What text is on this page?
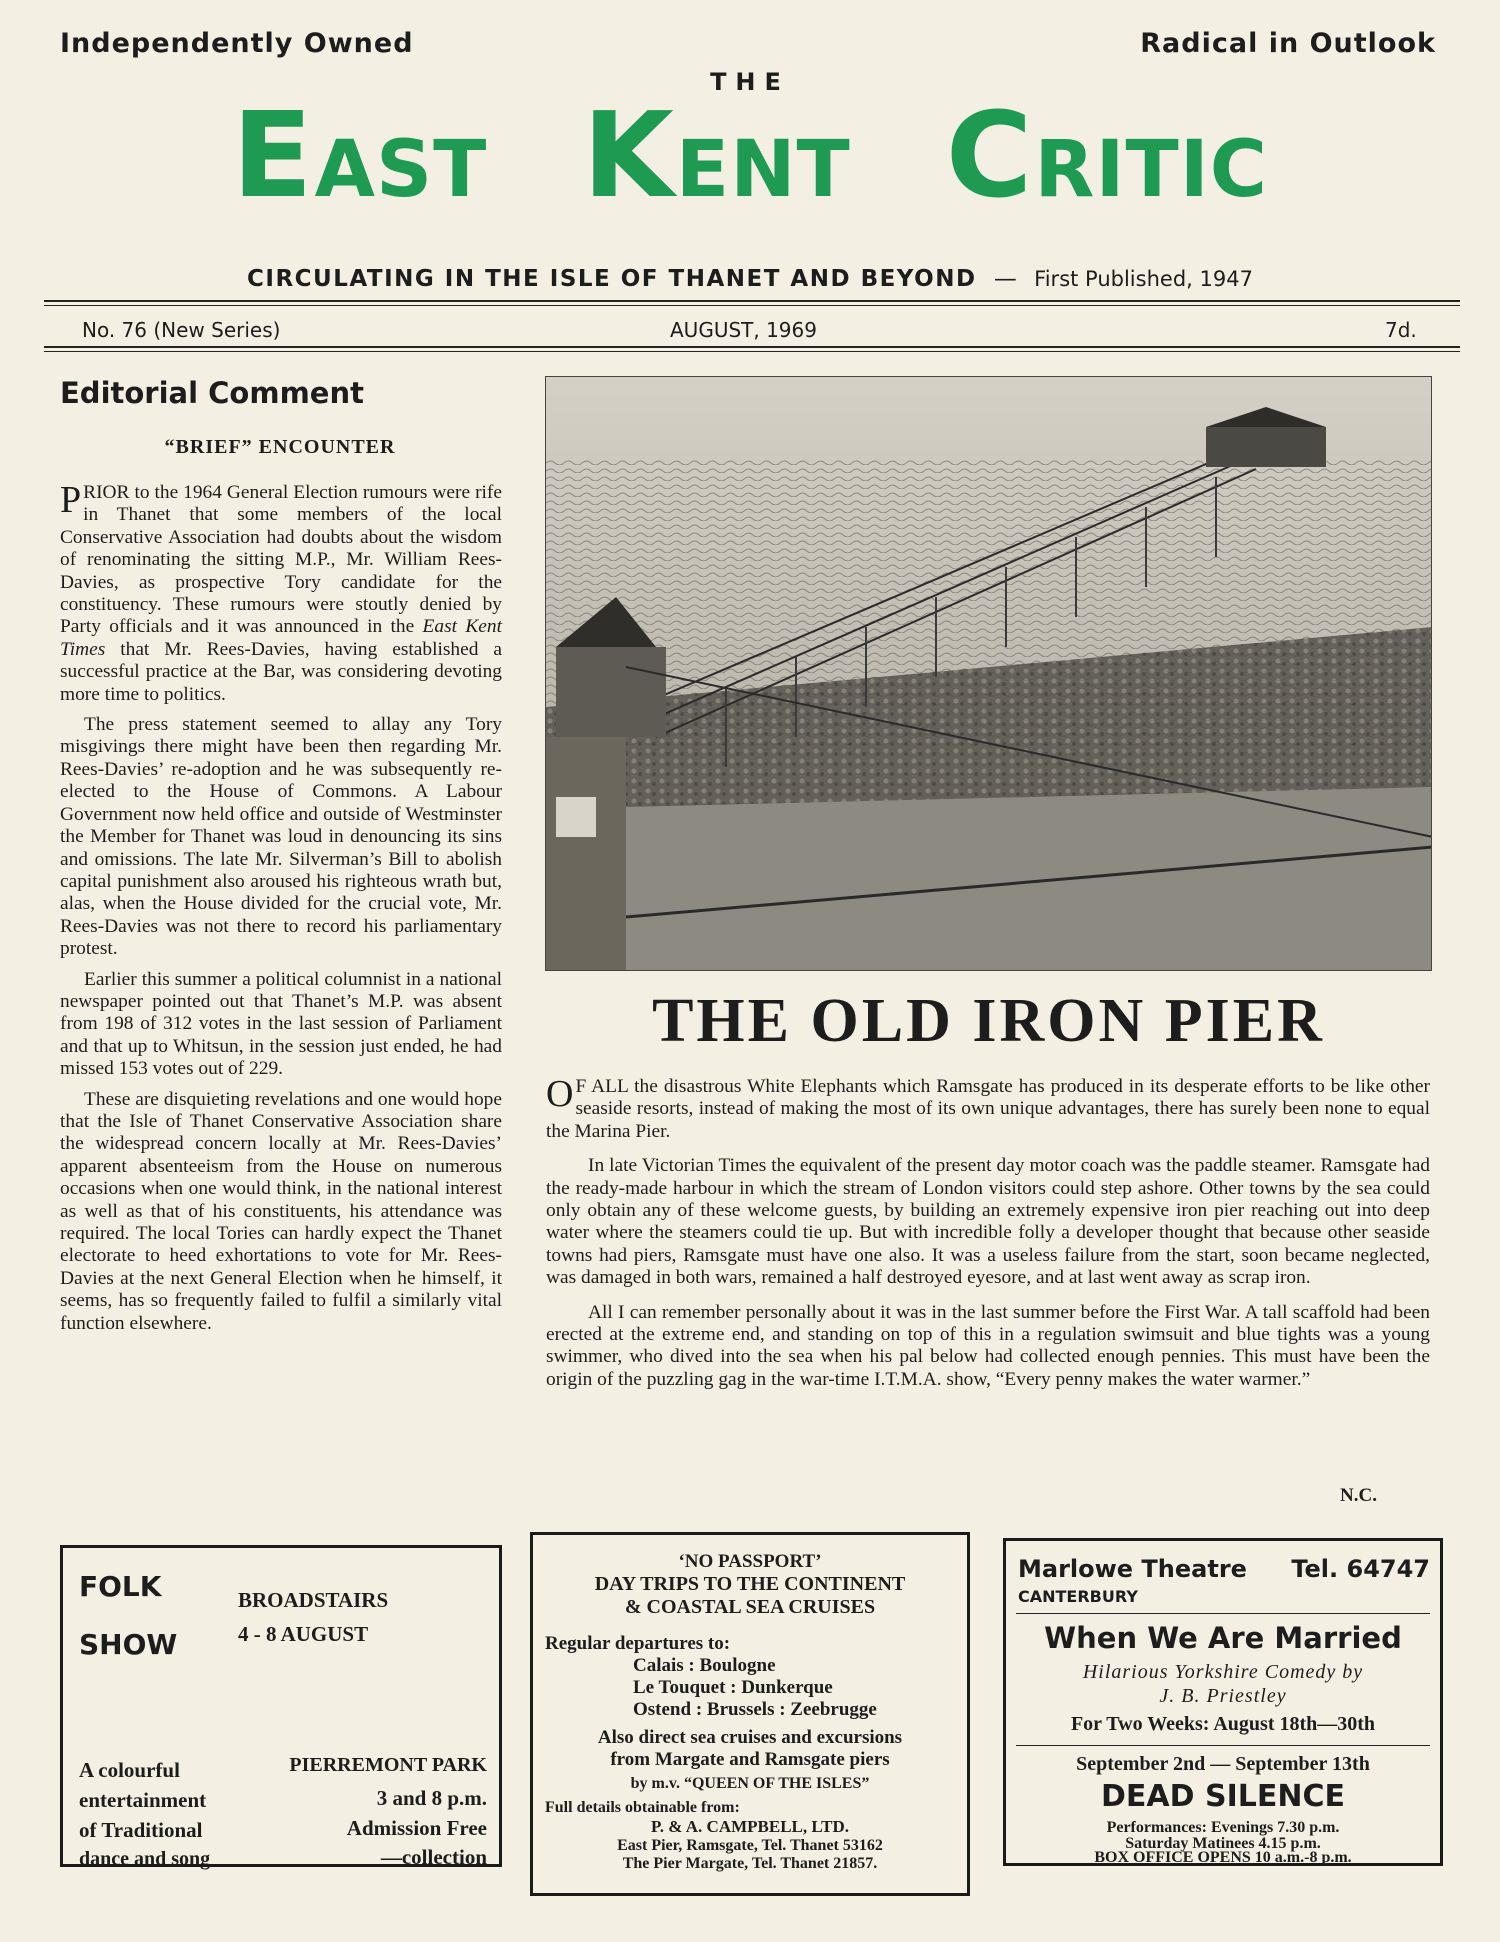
Independently Owned	Radical in Outlook
THE
EAST KENT CRITIC
CIRCULATING IN THE ISLE OF THANET AND BEYOND — First Published, 1947
No. 76 (New Series)	AUGUST, 1969	7d.
Editorial Comment
“BRIEF” ENCOUNTER

PRIOR to the 1964 General Election rumours were rife in Thanet that some members of the local Conservative Association had doubts about the wisdom of renominating the sitting M.P., Mr. William Rees-Davies, as prospective Tory candidate for the constituency. These rumours were stoutly denied by Party officials and it was announced in the East Kent Times that Mr. Rees-Davies, having established a successful practice at the Bar, was considering devoting more time to politics.

The press statement seemed to allay any Tory misgivings there might have been then regarding Mr. Rees-Davies’ re-adoption and he was subsequently re-elected to the House of Commons. A Labour Government now held office and outside of Westminster the Member for Thanet was loud in denouncing its sins and omissions. The late Mr. Silverman’s Bill to abolish capital punishment also aroused his righteous wrath but, alas, when the House divided for the crucial vote, Mr. Rees-Davies was not there to record his parliamentary protest.

Earlier this summer a political columnist in a national newspaper pointed out that Thanet’s M.P. was absent from 198 of 312 votes in the last session of Parliament and that up to Whitsun, in the session just ended, he had missed 153 votes out of 229.

These are disquieting revelations and one would hope that the Isle of Thanet Conservative Association share the widespread concern locally at Mr. Rees-Davies’ apparent absenteeism from the House on numerous occasions when one would think, in the national interest as well as that of his constituents, his attendance was required. The local Tories can hardly expect the Thanet electorate to heed exhortations to vote for Mr. Rees-Davies at the next General Election when he himself, it seems, has so frequently failed to fulfil a similarly vital function elsewhere.

THE OLD IRON PIER

O F ALL the disastrous White Elephants which Ramsgate has produced in its desperate efforts to be like other seaside resorts, instead of making the most of its own unique advantages, there has surely been none to equal the Marina Pier.

In late Victorian Times the equivalent of the present day motor coach was the paddle steamer. Ramsgate had the ready-made harbour in which the stream of London visitors could step ashore. Other towns by the sea could only obtain any of these welcome guests, by building an extremely expensive iron pier reaching out into deep water where the steamers could tie up. But with incredible folly a developer thought that because other seaside towns had piers, Ramsgate must have one also. It was a useless failure from the start, soon became neglected, was damaged in both wars, remained a half destroyed eyesore, and at last went away as scrap iron.

All I can remember personally about it was in the last summer before the First War. A tall scaffold had been erected at the extreme end, and standing on top of this in a regulation swimsuit and blue tights was a young swimmer, who dived into the sea when his pal below had collected enough pennies. This must have been the origin of the puzzling gag in the war-time I.T.M.A. show, “Every penny makes the water warmer.”

N.C.
FOLK
SHOW
BROADSTAIRS
4 - 8 AUGUST
A colourful
entertainment
of Traditional
dance and song
PIERREMONT PARK
3 and 8 p.m.
Admission Free
—collection
‘NO PASSPORT’
DAY TRIPS TO THE CONTINENT
& COASTAL SEA CRUISES
Regular departures to:
Calais : Boulogne
Le Touquet : Dunkerque
Ostend : Brussels : Zeebrugge
Also direct sea cruises and excursions
from Margate and Ramsgate piers
by m.v. “QUEEN OF THE ISLES”
Full details obtainable from:
P. & A. CAMPBELL, LTD.
East Pier, Ramsgate, Tel. Thanet 53162
The Pier Margate, Tel. Thanet 21857.
Marlowe Theatre Tel. 64747
CANTERBURY
When We Are Married
Hilarious Yorkshire Comedy by
J. B. Priestley
For Two Weeks: August 18th—30th
September 2nd — September 13th
DEAD SILENCE
Performances: Evenings 7.30 p.m.
Saturday Matinees 4.15 p.m.
BOX OFFICE OPENS 10 a.m.-8 p.m.
